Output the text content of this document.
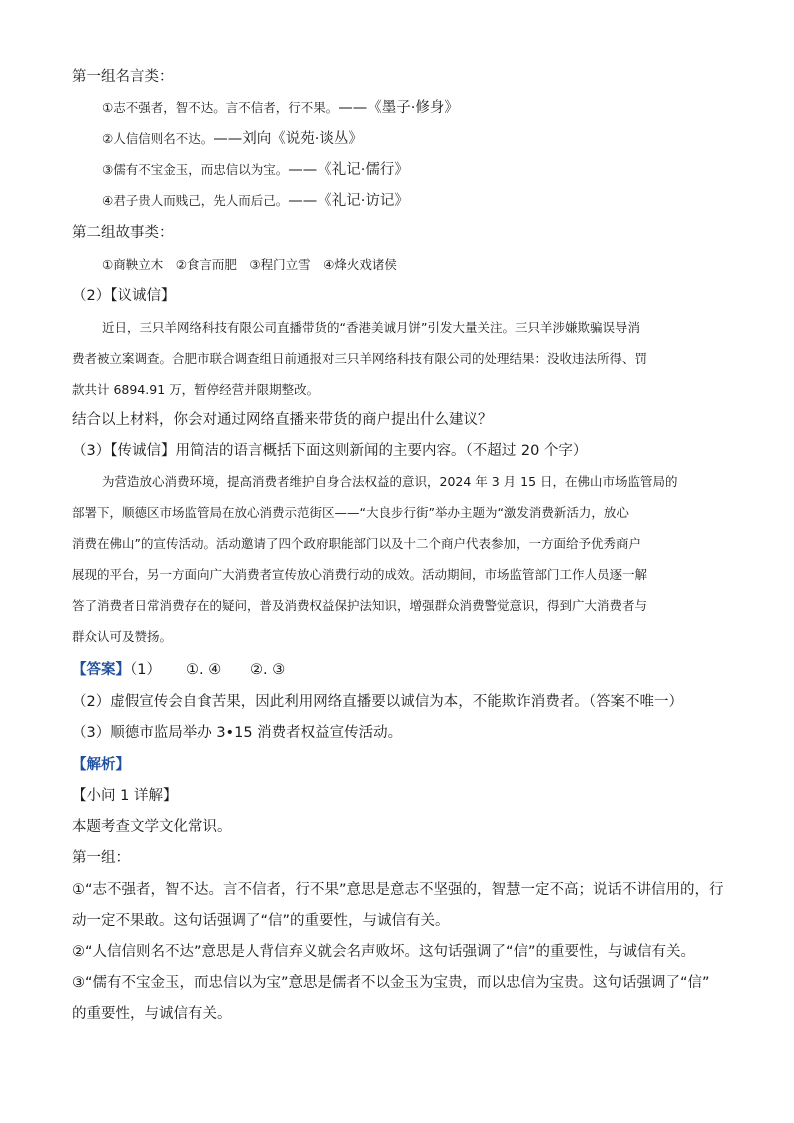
第一组名言类：
①志不强者，智不达。言不信者，行不果。——《墨子·修身》
②人信信则名不达。——刘向《说苑·谈丛》
③儒有不宝金玉，而忠信以为宝。——《礼记·儒行》
④君子贵人而贱己，先人而后己。——《礼记·访记》
第二组故事类：
①商鞅立木　②食言而肥　③程门立雪　④烽火戏诸侯
（2）【议诚信】
近日，三只羊网络科技有限公司直播带货的“香港美诚月饼”引发大量关注。三只羊涉嫌欺骗误导消
费者被立案调查。合肥市联合调查组日前通报对三只羊网络科技有限公司的处理结果：没收违法所得、罚
款共计 6894.91 万，暂停经营并限期整改。
结合以上材料，你会对通过网络直播来带货的商户提出什么建议？
（3）【传诚信】用简洁的语言概括下面这则新闻的主要内容。（不超过 20 个字）
为营造放心消费环境，提高消费者维护自身合法权益的意识，2024 年 3 月 15 日，在佛山市场监管局的
部署下，顺德区市场监管局在放心消费示范街区——“大良步行街”举办主题为“激发消费新活力，放心
消费在佛山”的宣传活动。活动邀请了四个政府职能部门以及十二个商户代表参加，一方面给予优秀商户
展现的平台，另一方面向广大消费者宣传放心消费行动的成效。活动期间，市场监管部门工作人员逐一解
答了消费者日常消费存在的疑问，普及消费权益保护法知识，增强群众消费警觉意识，得到广大消费者与
群众认可及赞扬。
【答案】（1） ①. ④ ②. ③
（2）虚假宣传会自食苦果，因此利用网络直播要以诚信为本，不能欺诈消费者。（答案不唯一）
（3）顺德市监局举办 3•15 消费者权益宣传活动。
【解析】
【小问 1 详解】
本题考查文学文化常识。
第一组：
①“志不强者，智不达。言不信者，行不果”意思是意志不坚强的，智慧一定不高；说话不讲信用的，行
动一定不果敢。这句话强调了“信”的重要性，与诚信有关。
②“人信信则名不达”意思是人背信弃义就会名声败坏。这句话强调了“信”的重要性，与诚信有关。
③“儒有不宝金玉，而忠信以为宝”意思是儒者不以金玉为宝贵，而以忠信为宝贵。这句话强调了“信”
的重要性，与诚信有关。
